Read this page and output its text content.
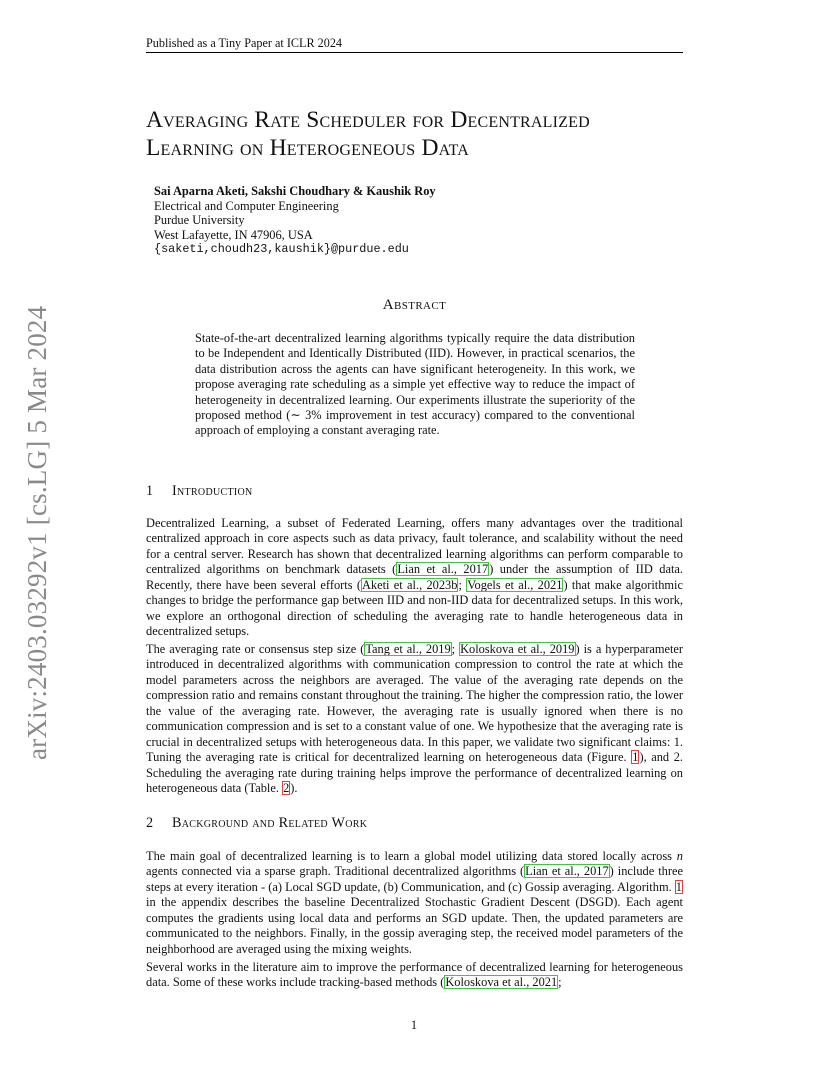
Published as a Tiny Paper at ICLR 2024
arXiv:2403.03292v1 [cs.LG] 5 Mar 2024
Averaging Rate Scheduler for Decentralized
Learning on Heterogeneous Data
Sai Aparna Aketi, Sakshi Choudhary & Kaushik Roy
Electrical and Computer Engineering
Purdue University
West Lafayette, IN 47906, USA
{saketi,choudh23,kaushik}@purdue.edu
Abstract
State-of-the-art decentralized learning algorithms typically require the data distribution to be Independent and Identically Distributed (IID). However, in practical scenarios, the data distribution across the agents can have significant heterogeneity. In this work, we propose averaging rate scheduling as a simple yet effective way to reduce the impact of heterogeneity in decentralized learning. Our experiments illustrate the superiority of the proposed method (∼ 3% improvement in test accuracy) compared to the conventional approach of employing a constant averaging rate.
1 Introduction
Decentralized Learning, a subset of Federated Learning, offers many advantages over the traditional centralized approach in core aspects such as data privacy, fault tolerance, and scalability without the need for a central server. Research has shown that decentralized learning algorithms can perform comparable to centralized algorithms on benchmark datasets (Lian et al., 2017) under the assumption of IID data. Recently, there have been several efforts (Aketi et al., 2023b; Vogels et al., 2021) that make algorithmic changes to bridge the performance gap between IID and non-IID data for decentralized setups. In this work, we explore an orthogonal direction of scheduling the averaging rate to handle heterogeneous data in decentralized setups.
The averaging rate or consensus step size (Tang et al., 2019; Koloskova et al., 2019) is a hyperparameter introduced in decentralized algorithms with communication compression to control the rate at which the model parameters across the neighbors are averaged. The value of the averaging rate depends on the compression ratio and remains constant throughout the training. The higher the compression ratio, the lower the value of the averaging rate. However, the averaging rate is usually ignored when there is no communication compression and is set to a constant value of one. We hypothesize that the averaging rate is crucial in decentralized setups with heterogeneous data. In this paper, we validate two significant claims: 1. Tuning the averaging rate is critical for decentralized learning on heterogeneous data (Figure. 1), and 2. Scheduling the averaging rate during training helps improve the performance of decentralized learning on heterogeneous data (Table. 2).
2 Background and Related Work
The main goal of decentralized learning is to learn a global model utilizing data stored locally across n agents connected via a sparse graph. Traditional decentralized algorithms (Lian et al., 2017) include three steps at every iteration - (a) Local SGD update, (b) Communication, and (c) Gossip averaging. Algorithm. 1 in the appendix describes the baseline Decentralized Stochastic Gradient Descent (DSGD). Each agent computes the gradients using local data and performs an SGD update. Then, the updated parameters are communicated to the neighbors. Finally, in the gossip averaging step, the received model parameters of the neighborhood are averaged using the mixing weights.
Several works in the literature aim to improve the performance of decentralized learning for heterogeneous data. Some of these works include tracking-based methods (Koloskova et al., 2021;
1
